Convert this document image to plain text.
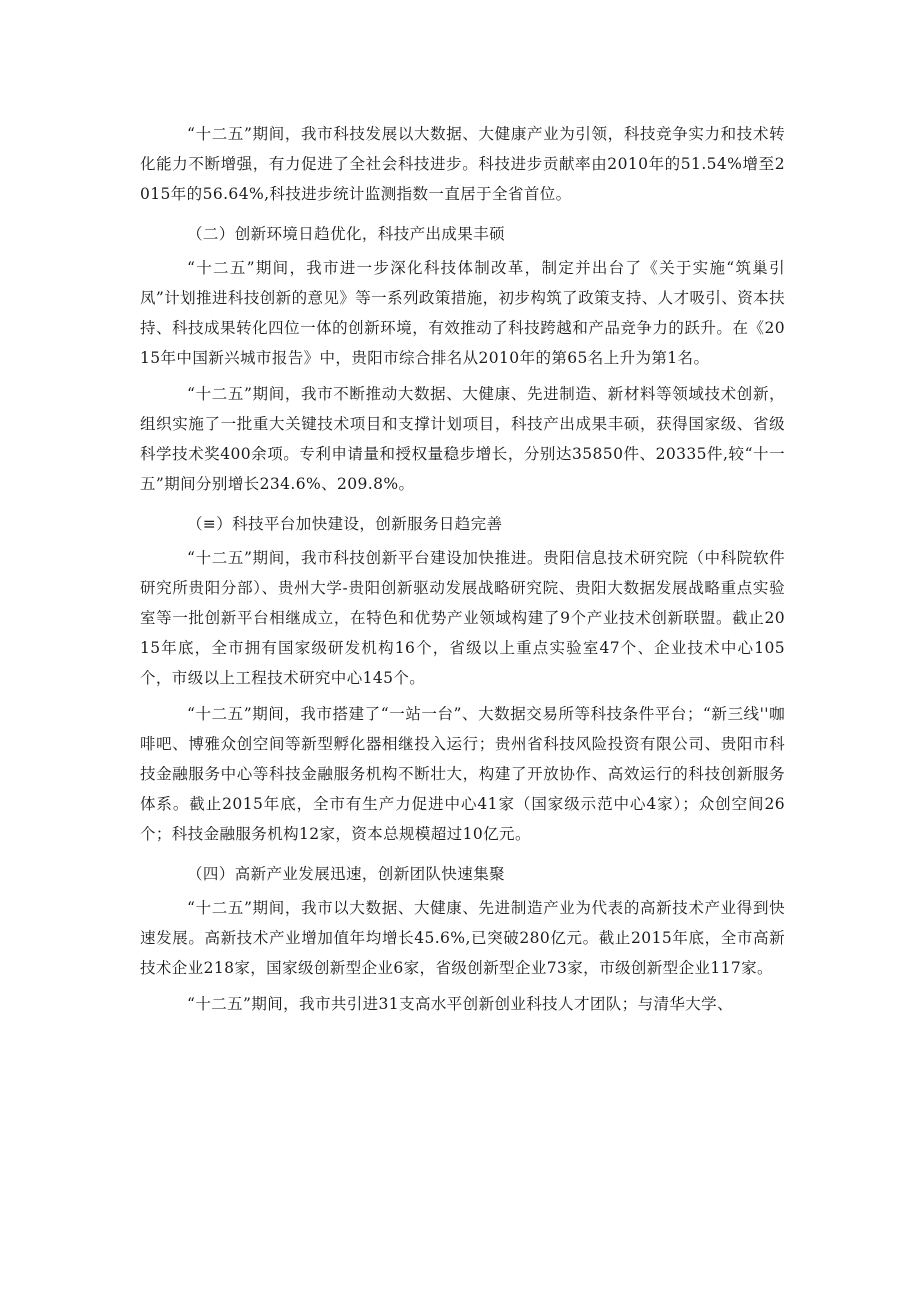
“十二五”期间，我市科技发展以大数据、大健康产业为引领，科技竞争实力和技术转化能力不断增强，有力促进了全社会科技进步。科技进步贡献率由2010年的51.54%增至2015年的56.64%,科技进步统计监测指数一直居于全省首位。

（二）创新环境日趋优化，科技产出成果丰硕

“十二五”期间，我市进一步深化科技体制改革，制定并出台了《关于实施“筑巢引凤”计划推进科技创新的意见》等一系列政策措施，初步构筑了政策支持、人才吸引、资本扶持、科技成果转化四位一体的创新环境，有效推动了科技跨越和产品竞争力的跃升。在《2015年中国新兴城市报告》中，贵阳市综合排名从2010年的第65名上升为第1名。

“十二五”期间，我市不断推动大数据、大健康、先进制造、新材料等领域技术创新，组织实施了一批重大关键技术项目和支撑计划项目，科技产出成果丰硕，获得国家级、省级科学技术奖400余项。专利申请量和授权量稳步增长，分别达35850件、20335件,较“十一五”期间分别增长234.6%、209.8%。

（≡）科技平台加快建设，创新服务日趋完善

“十二五”期间，我市科技创新平台建设加快推进。贵阳信息技术研究院（中科院软件研究所贵阳分部）、贵州大学-贵阳创新驱动发展战略研究院、贵阳大数据发展战略重点实验室等一批创新平台相继成立，在特色和优势产业领域构建了9个产业技术创新联盟。截止2015年底，全市拥有国家级研发机构16个，省级以上重点实验室47个、企业技术中心105个，市级以上工程技术研究中心145个。

“十二五”期间，我市搭建了“一站一台”、大数据交易所等科技条件平台；“新三线''咖啡吧、博雅众创空间等新型孵化器相继投入运行；贵州省科技风险投资有限公司、贵阳市科技金融服务中心等科技金融服务机构不断壮大，构建了开放协作、高效运行的科技创新服务体系。截止2015年底，全市有生产力促进中心41家（国家级示范中心4家）；众创空间26个；科技金融服务机构12家，资本总规模超过10亿元。

（四）高新产业发展迅速，创新团队快速集聚

“十二五”期间，我市以大数据、大健康、先进制造产业为代表的高新技术产业得到快速发展。高新技术产业增加值年均增长45.6%,已突破280亿元。截止2015年底，全市高新技术企业218家，国家级创新型企业6家，省级创新型企业73家，市级创新型企业117家。

“十二五”期间，我市共引进31支高水平创新创业科技人才团队；与清华大学、
